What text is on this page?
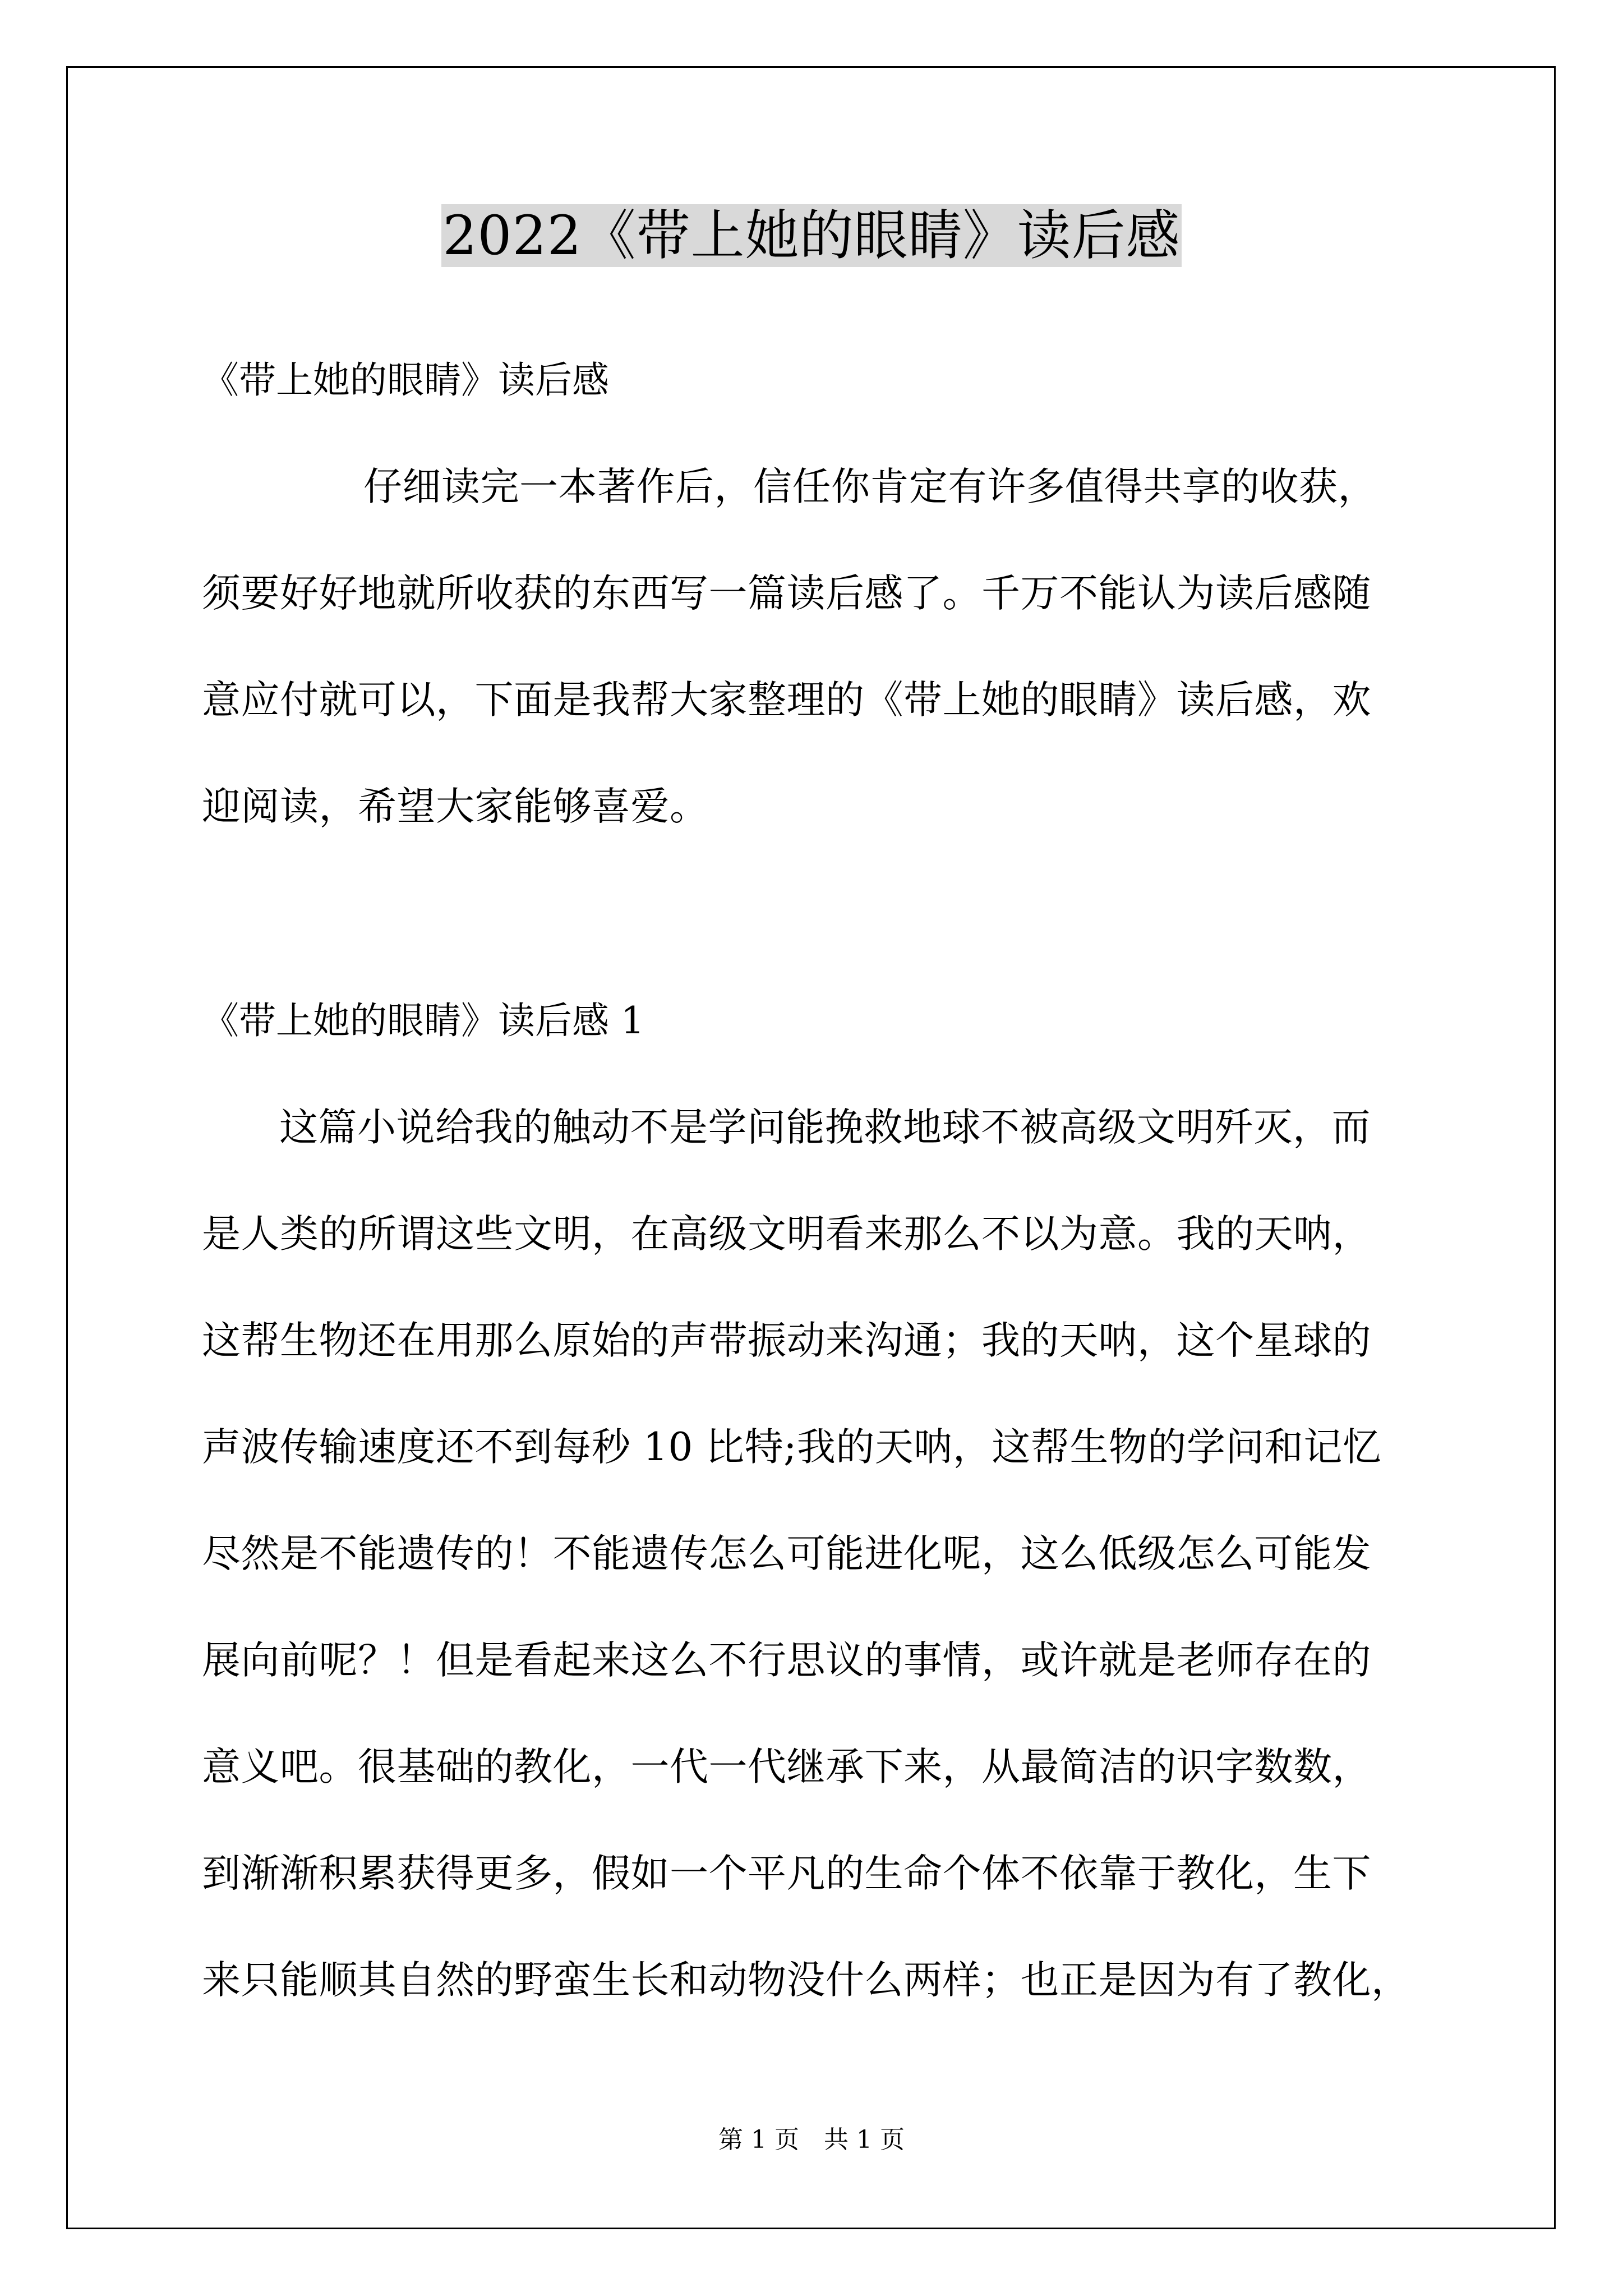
2022《带上她的眼睛》读后感
《带上她的眼睛》读后感
仔细读完一本著作后，信任你肯定有许多值得共享的收获，
须要好好地就所收获的东西写一篇读后感了。千万不能认为读后感随
意应付就可以，下面是我帮大家整理的《带上她的眼睛》读后感，欢
迎阅读，希望大家能够喜爱。
《带上她的眼睛》读后感 1
这篇小说给我的触动不是学问能挽救地球不被高级文明歼灭，而
是人类的所谓这些文明，在高级文明看来那么不以为意。我的天呐，
这帮生物还在用那么原始的声带振动来沟通；我的天呐，这个星球的
声波传输速度还不到每秒 10 比特;我的天呐，这帮生物的学问和记忆
尽然是不能遗传的！不能遗传怎么可能进化呢，这么低级怎么可能发
展向前呢？！但是看起来这么不行思议的事情，或许就是老师存在的
意义吧。很基础的教化，一代一代继承下来，从最简洁的识字数数，
到渐渐积累获得更多，假如一个平凡的生命个体不依靠于教化，生下
来只能顺其自然的野蛮生长和动物没什么两样；也正是因为有了教化，
第 1 页　共 1 页
